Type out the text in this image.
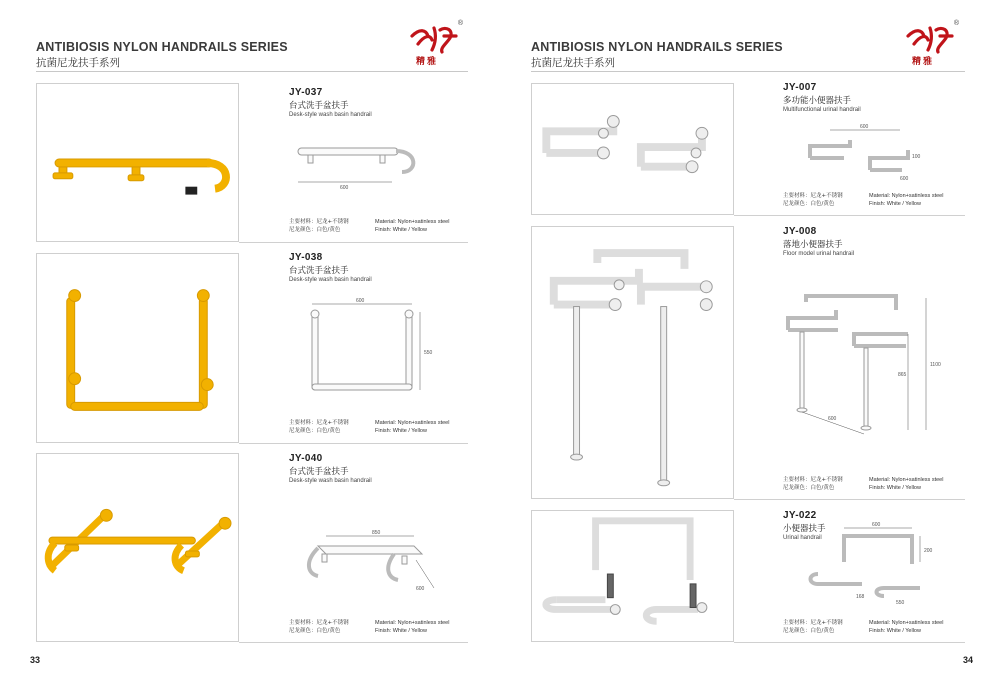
ANTIBIOSIS NYLON HANDRAILS SERIES
抗菌尼龙扶手系列
®
精雅
JY-037
台式洗手盆扶手
Desk-style wash basin handrail
600
主要材料：尼龙+不锈钢
尼龙颜色：白色/黄色
Material: Nylon+satinless steel
Finish: White / Yellow
JY-038
台式洗手盆扶手
Desk-style wash basin handrail
600
550
主要材料：尼龙+不锈钢
尼龙颜色：白色/黄色
Material: Nylon+satinless steel
Finish: White / Yellow
JY-040
台式洗手盆扶手
Desk-style wash basin handrail
850
600
主要材料：尼龙+不锈钢
尼龙颜色：白色/黄色
Material: Nylon+satinless steel
Finish: White / Yellow
33
ANTIBIOSIS NYLON HANDRAILS SERIES
抗菌尼龙扶手系列
®
精雅
JY-007
多功能小便器扶手
Multifunctional urinal handrail
600
100
600
主要材料：尼龙+不锈钢
尼龙颜色：白色/黄色
Material: Nylon+satinless steel
Finish: White / Yellow
JY-008
落地小便器扶手
Floor model urinal handrail
1100
865
600
主要材料：尼龙+不锈钢
尼龙颜色：白色/黄色
Material: Nylon+satinless steel
Finish: White / Yellow
JY-022
小便器扶手
Urinal handrail
600
200
168
550
主要材料：尼龙+不锈钢
尼龙颜色：白色/黄色
Material: Nylon+satinless steel
Finish: White / Yellow
34
